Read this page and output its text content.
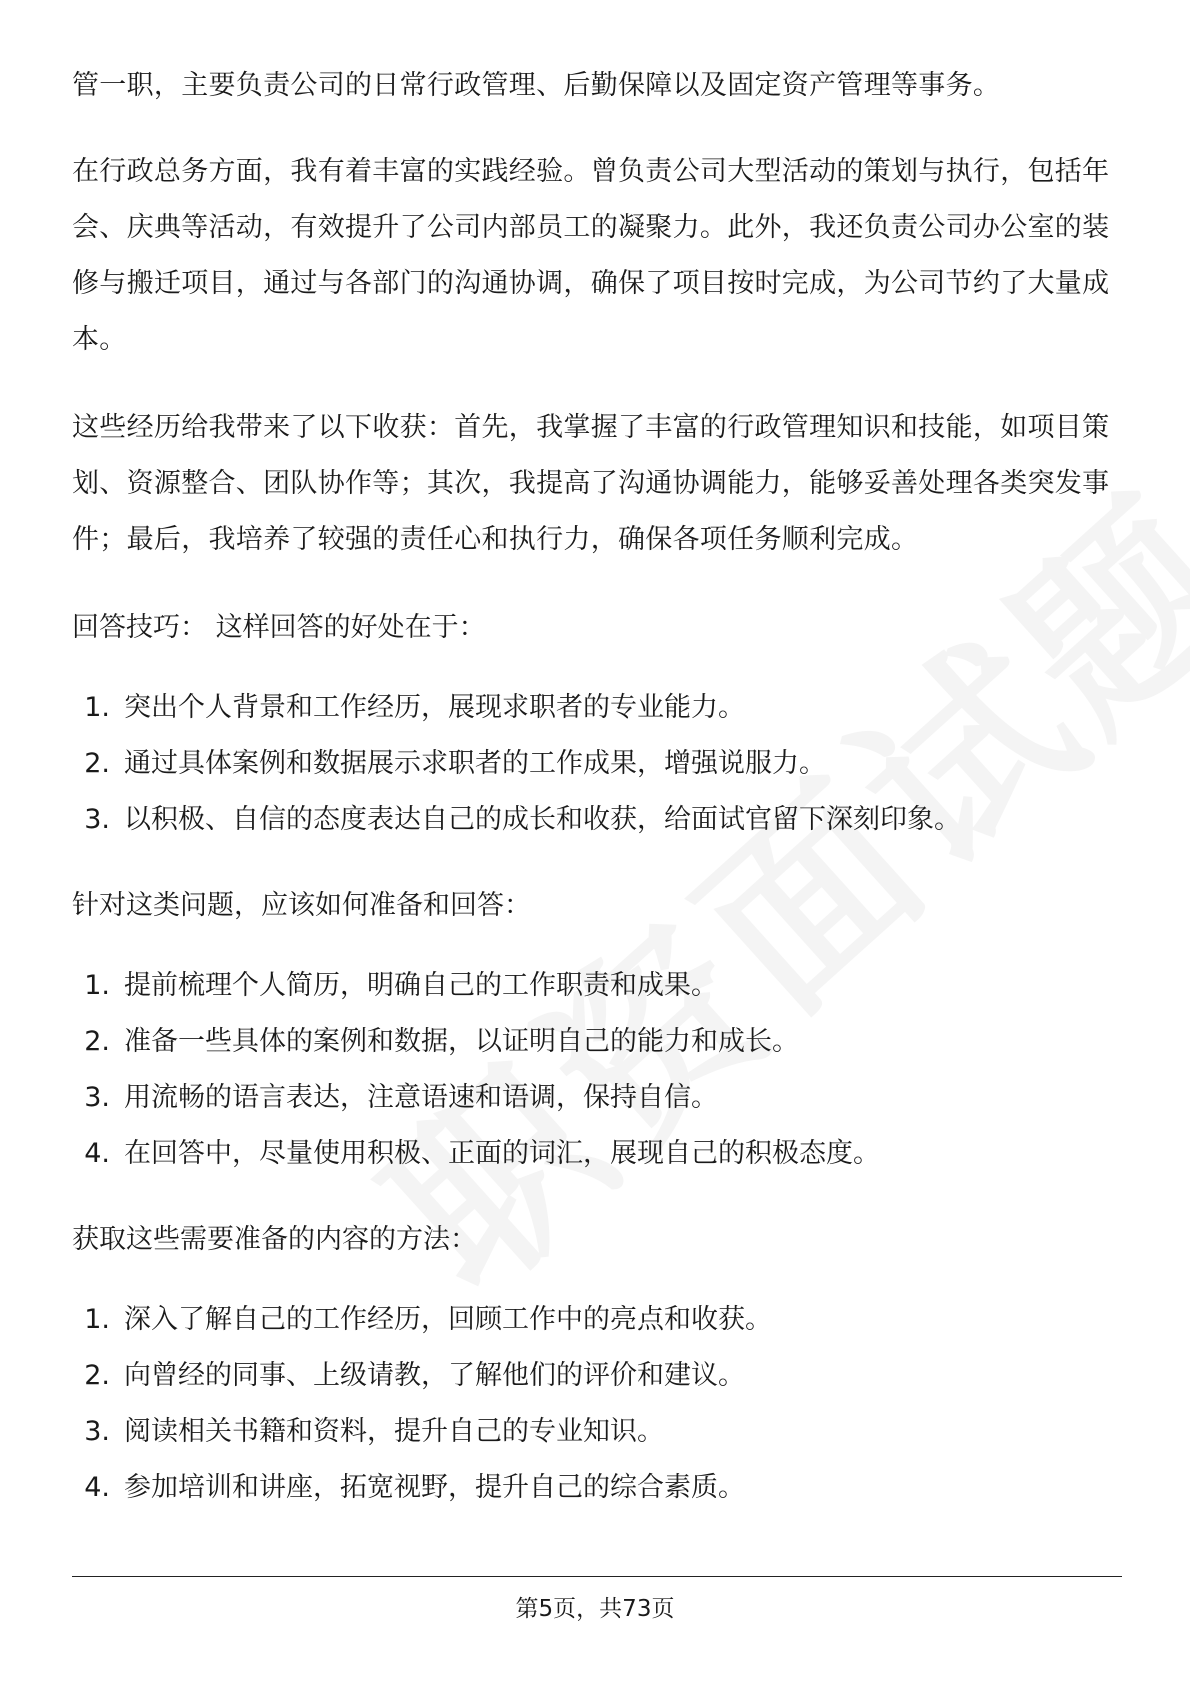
管一职，主要负责公司的日常行政管理、后勤保障以及固定资产管理等事务。

在行政总务方面，我有着丰富的实践经验。曾负责公司大型活动的策划与执行，包括年会、庆典等活动，有效提升了公司内部员工的凝聚力。此外，我还负责公司办公室的装修与搬迁项目，通过与各部门的沟通协调，确保了项目按时完成，为公司节约了大量成本。

这些经历给我带来了以下收获：首先，我掌握了丰富的行政管理知识和技能，如项目策划、资源整合、团队协作等；其次，我提高了沟通协调能力，能够妥善处理各类突发事件；最后，我培养了较强的责任心和执行力，确保各项任务顺利完成。

回答技巧： 这样回答的好处在于：

1. 突出个人背景和工作经历，展现求职者的专业能力。
2. 通过具体案例和数据展示求职者的工作成果，增强说服力。
3. 以积极、自信的态度表达自己的成长和收获，给面试官留下深刻印象。

针对这类问题，应该如何准备和回答：

1. 提前梳理个人简历，明确自己的工作职责和成果。
2. 准备一些具体的案例和数据，以证明自己的能力和成长。
3. 用流畅的语言表达，注意语速和语调，保持自信。
4. 在回答中，尽量使用积极、正面的词汇，展现自己的积极态度。

获取这些需要准备的内容的方法：

1. 深入了解自己的工作经历，回顾工作中的亮点和收获。
2. 向曾经的同事、上级请教，了解他们的评价和建议。
3. 阅读相关书籍和资料，提升自己的专业知识。
4. 参加培训和讲座，拓宽视野，提升自己的综合素质。
第5页，共73页
